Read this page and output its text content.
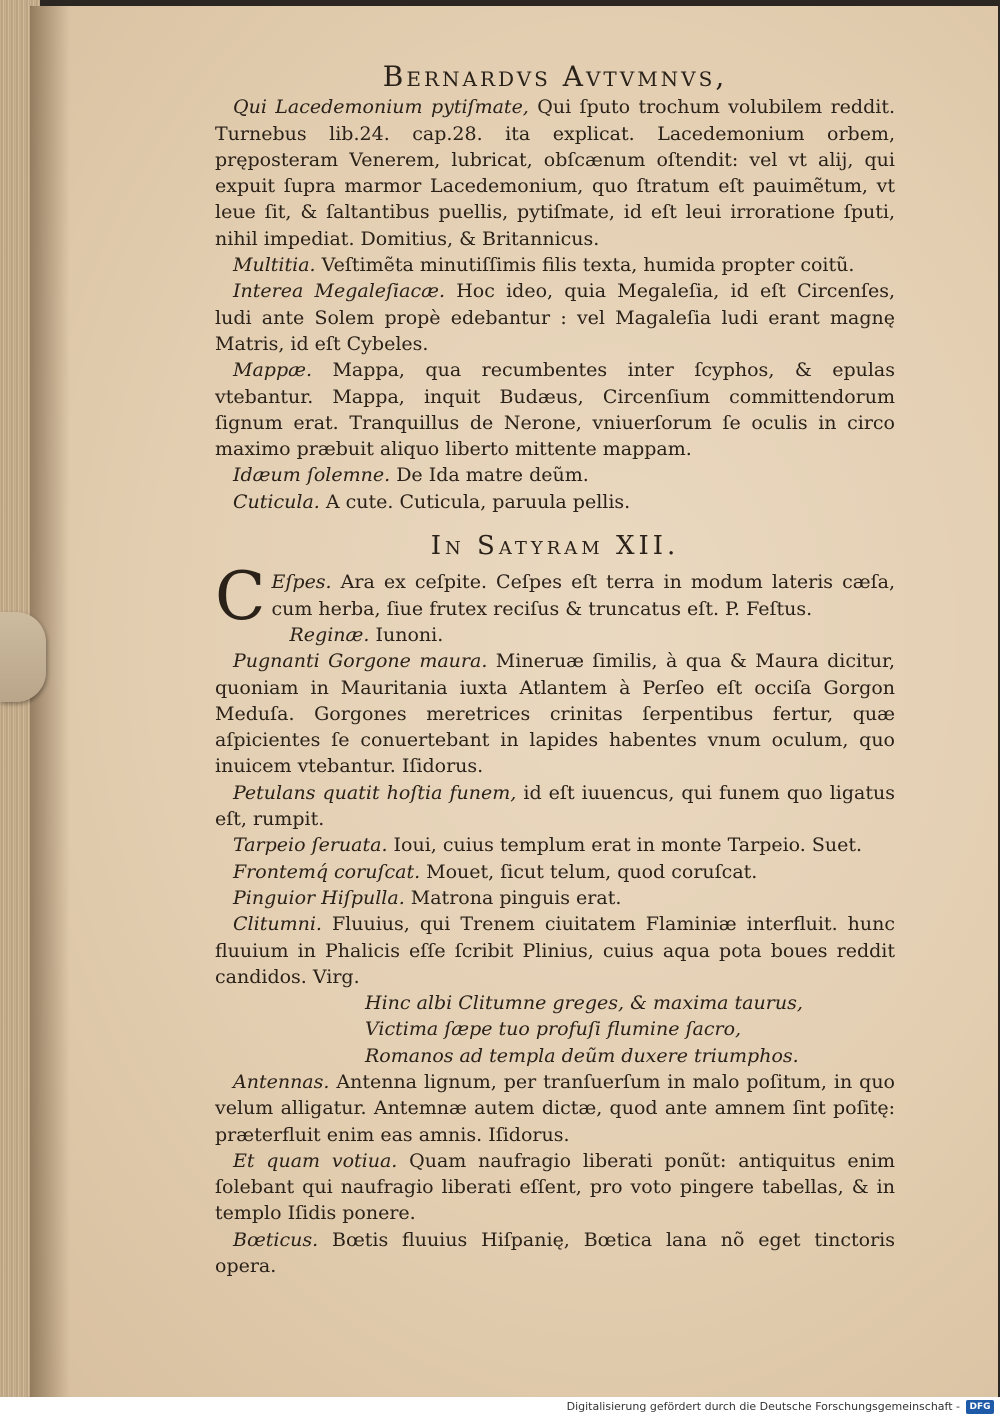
Bernardvs Avtvmnvs,

Qui Lacedemonium pytiſmate, Qui ſputo trochum volubilem reddit. Turnebus lib.24. cap.28. ita explicat. Lacedemonium orbem, pręposteram Venerem, lubricat, obſcænum oſtendit: vel vt alij, qui expuit ſupra marmor Lacedemonium, quo ſtratum eſt pauimẽtum, vt leue ſit, & ſaltantibus puellis, pytiſmate, id eſt leui irroratione ſputi, nihil impediat. Domitius, & Britannicus.

Multitia. Veſtimẽta minutiſſimis filis texta, humida propter coitũ.

Interea Megaleſiacæ. Hoc ideo, quia Megaleſia, id eſt Circenſes, ludi ante Solem propè edebantur : vel Magaleſia ludi erant magnę Matris, id eſt Cybeles.

Mappæ. Mappa, qua recumbentes inter ſcyphos, & epulas vtebantur. Mappa, inquit Budæus, Circenſium committendorum ſignum erat. Tranquillus de Nerone, vniuerſorum ſe oculis in circo maximo præbuit aliquo liberto mittente mappam.

Idæum ſolemne. De Ida matre deũm.

Cuticula. A cute. Cuticula, paruula pellis.

In Satyram XII.

C Eſpes. Ara ex ceſpite. Ceſpes eſt terra in modum lateris cæſa, cum herba, ſiue frutex reciſus & truncatus eſt. P. Feſtus.

Reginæ. Iunoni.

Pugnanti Gorgone maura. Mineruæ ſimilis, à qua & Maura dicitur, quoniam in Mauritania iuxta Atlantem à Perſeo eſt occiſa Gorgon Meduſa. Gorgones meretrices crinitas ſerpentibus fertur, quæ aſpicientes ſe conuertebant in lapides habentes vnum oculum, quo inuicem vtebantur. Iſidorus.

Petulans quatit hoſtia funem, id eſt iuuencus, qui funem quo ligatus eſt, rumpit.

Tarpeio ſeruata. Ioui, cuius templum erat in monte Tarpeio. Suet.

Frontemq́ coruſcat. Mouet, ſicut telum, quod coruſcat.

Pinguior Hiſpulla. Matrona pinguis erat.

Clitumni. Fluuius, qui Trenem ciuitatem Flaminiæ interfluit. hunc fluuium in Phalicis eſſe ſcribit Plinius, cuius aqua pota boues reddit candidos. Virg.

Hinc albi Clitumne greges, & maxima taurus,

Victima ſæpe tuo profuſi flumine ſacro,

Romanos ad templa deũm duxere triumphos.

Antennas. Antenna lignum, per tranſuerſum in malo poſitum, in quo velum alligatur. Antemnæ autem dictæ, quod ante amnem ſint poſitę: præterfluit enim eas amnis. Iſidorus.

Et quam votiua. Quam naufragio liberati ponũt: antiquitus enim ſolebant qui naufragio liberati eſſent, pro voto pingere tabellas, & in templo Iſidis ponere.

Bœticus. Bœtis fluuius Hiſpanię, Bœtica lana nõ eget tinctoris opera.

Digitalisierung gefördert durch die Deutsche Forschungsgemeinschaft -	DFG
